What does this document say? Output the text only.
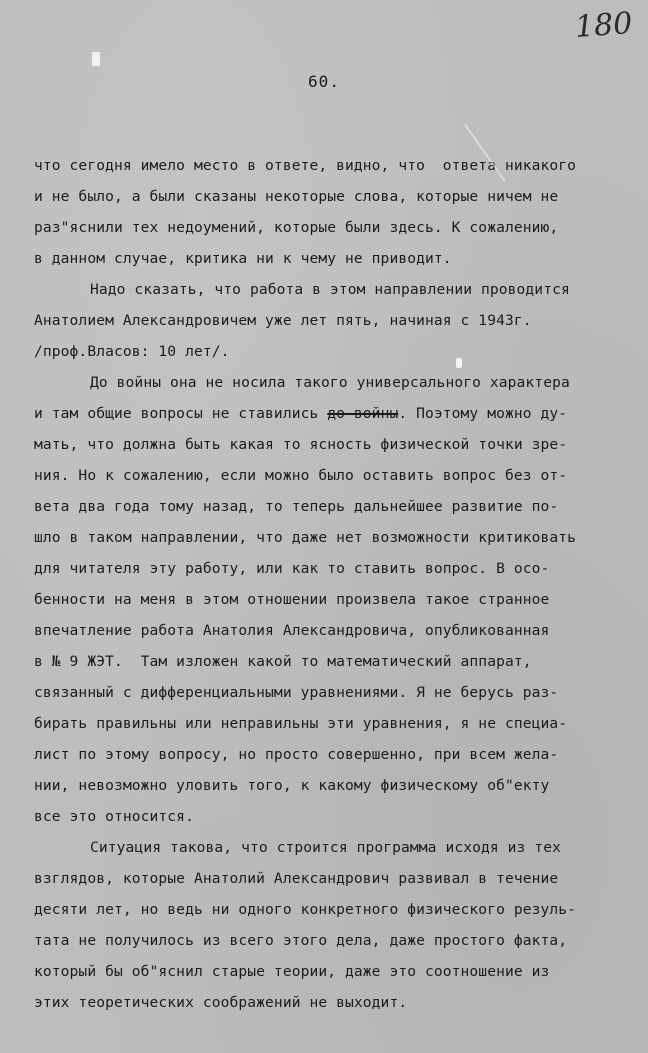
180
60.
что сегодня имело место в ответе, видно, что  ответа никакого
и не было, а были сказаны некоторые слова, которые ничем не
раз"яснили тех недоумений, которые были здесь. К сожалению,
в данном случае, критика ни к чему не приводит.
Надо сказать, что работа в этом направлении проводится
Анатолием Александровичем уже лет пять, начиная с 1943г.
/проф.Власов: 10 лет/.
До войны она не носила такого универсального характера
и там общие вопросы не ставились до войны. Поэтому можно ду-
мать, что должна быть какая то ясность физической точки зре-
ния. Но к сожалению, если можно было оставить вопрос без от-
вета два года тому назад, то теперь дальнейшее развитие по-
шло в таком направлении, что даже нет возможности критиковать
для читателя эту работу, или как то ставить вопрос. В осо-
бенности на меня в этом отношении произвела такое странное
впечатление работа Анатолия Александровича, опубликованная
в № 9 ЖЭТ.  Там изложен какой то математический аппарат,
связанный с дифференциальными уравнениями. Я не берусь раз-
бирать правильны или неправильны эти уравнения, я не специа-
лист по этому вопросу, но просто совершенно, при всем жела-
нии, невозможно уловить того, к какому физическому об"екту
все это относится.
Ситуация такова, что строится программа исходя из тех
взглядов, которые Анатолий Александрович развивал в течение
десяти лет, но ведь ни одного конкретного физического резуль-
тата не получилось из всего этого дела, даже простого факта,
который бы об"яснил старые теории, даже это соотношение из
этих теоретических соображений не выходит.
